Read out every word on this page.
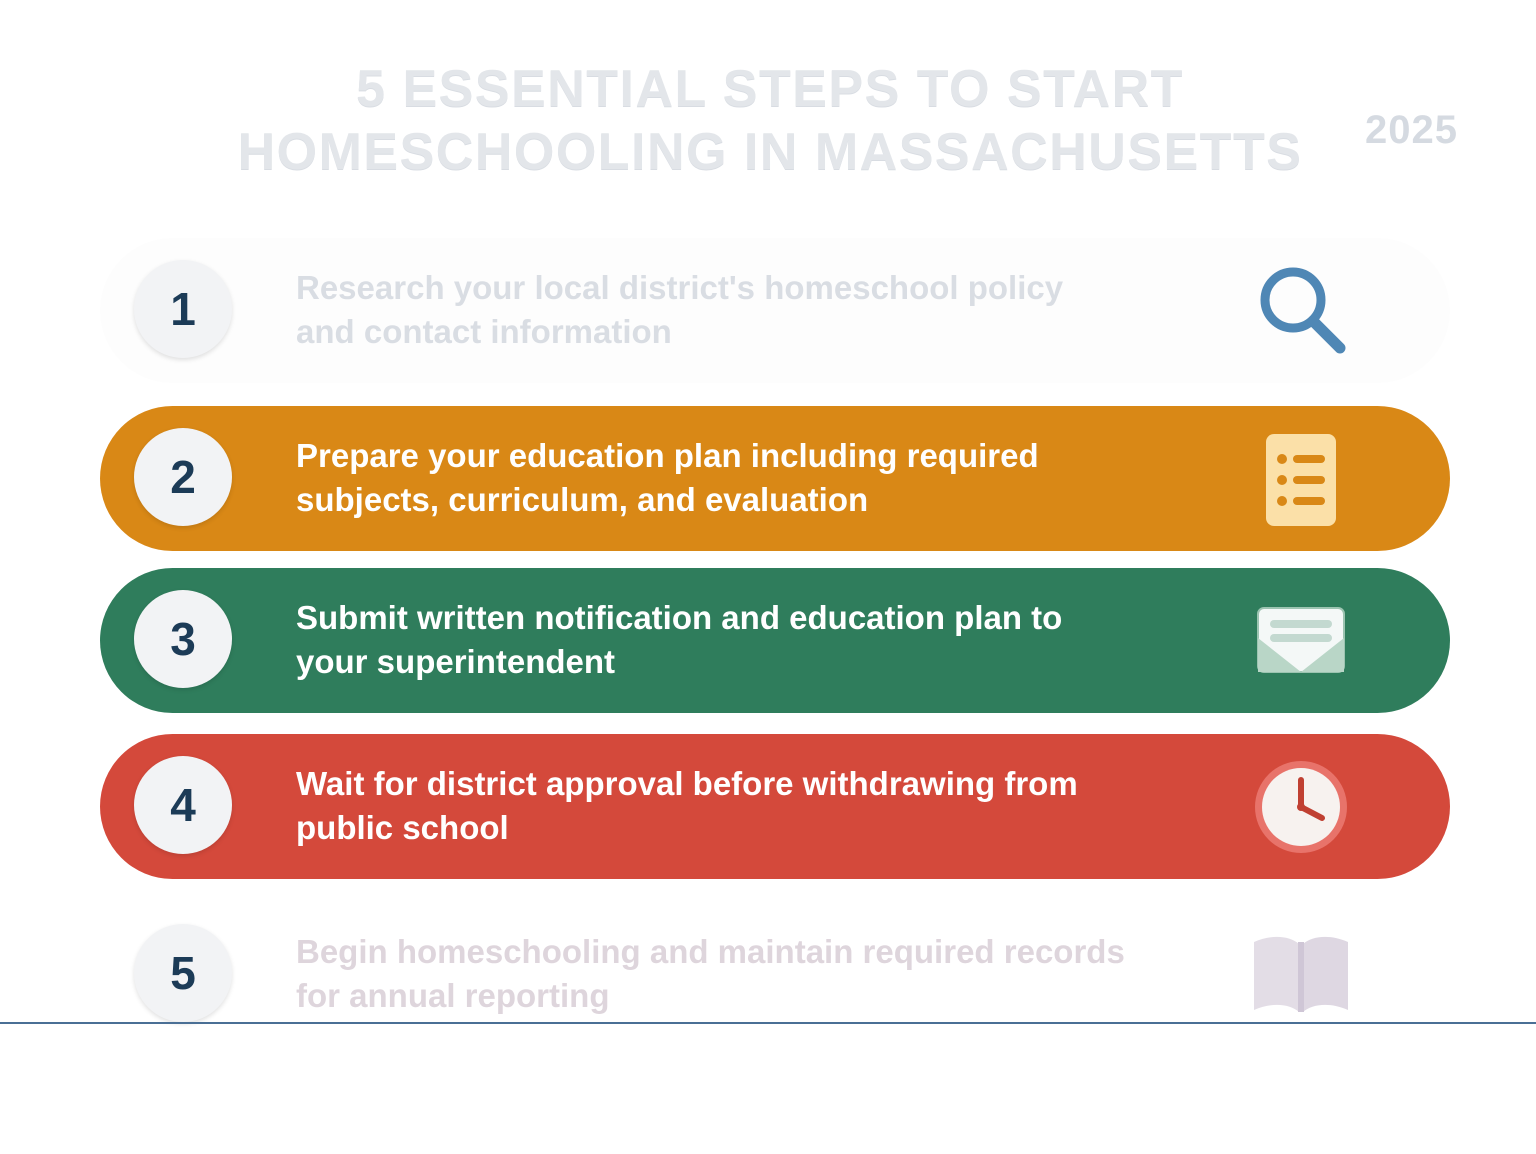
5 ESSENTIAL STEPS TO START
HOMESCHOOLING IN MASSACHUSETTS	2025
1	Research your local district's homeschool policy and contact information
2	Prepare your education plan including required subjects, curriculum, and evaluation
3	Submit written notification and education plan to your superintendent
4	Wait for district approval before withdrawing from public school
5	Begin homeschooling and maintain required records for annual reporting
